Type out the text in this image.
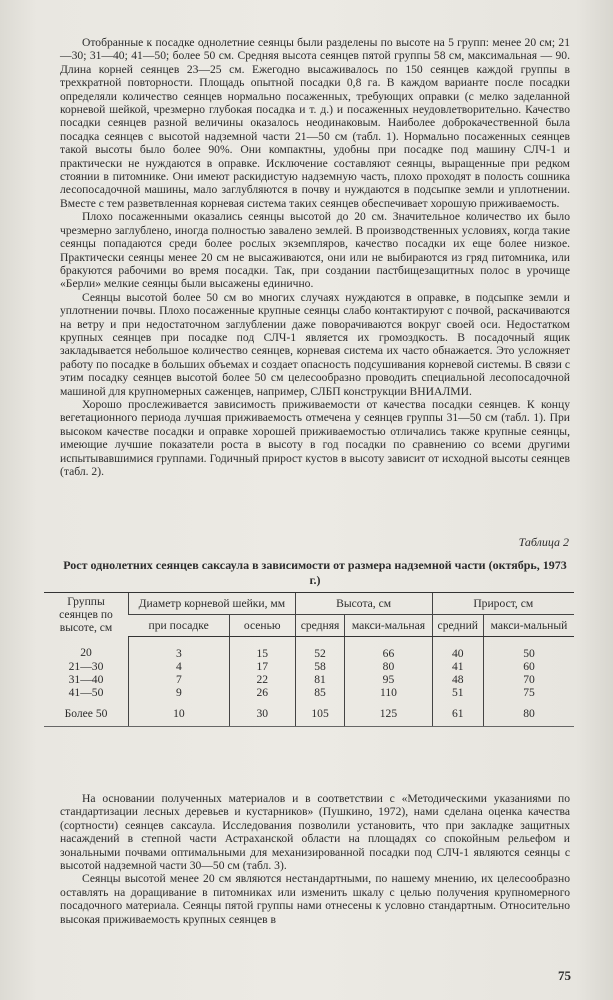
Отобранные к посадке однолетние сеянцы были разделены по высоте на 5 групп: менее 20 см; 21—30; 31—40; 41—50; более 50 см. Средняя высота сеянцев пятой группы 58 см, максимальная — 90. Длина корней сеянцев 23—25 см. Ежегодно высаживалось по 150 сеянцев каждой группы в трехкратной повторности. Площадь опытной посадки 0,8 га. В каждом варианте после посадки определяли количество сеянцев нормально посаженных, требующих оправки (с мелко заделанной корневой шейкой, чрезмерно глубокая посадка и т. д.) и посаженных неудовлетворительно. Качество посадки сеянцев разной величины оказалось неодинаковым. Наиболее доброкачественной была посадка сеянцев с высотой надземной части 21—50 см (табл. 1). Нормально посаженных сеянцев такой высоты было более 90%. Они компактны, удобны при посадке под машину СЛЧ-1 и практически не нуждаются в оправке. Исключение составляют сеянцы, выращенные при редком стоянии в питомнике. Они имеют раскидистую надземную часть, плохо проходят в полость сошника лесопосадочной машины, мало заглубляются в почву и нуждаются в подсыпке земли и уплотнении. Вместе с тем разветвленная корневая система таких сеянцев обеспечивает хорошую приживаемость.

Плохо посаженными оказались сеянцы высотой до 20 см. Значительное количество их было чрезмерно заглублено, иногда полностью завалено землей. В производственных условиях, когда такие сеянцы попадаются среди более рослых экземпляров, качество посадки их еще более низкое. Практически сеянцы менее 20 см не высаживаются, они или не выбираются из гряд питомника, или бракуются рабочими во время посадки. Так, при создании пастбищезащитных полос в урочище «Берли» мелкие сеянцы были высажены единично.

Сеянцы высотой более 50 см во многих случаях нуждаются в оправке, в подсыпке земли и уплотнении почвы. Плохо посаженные крупные сеянцы слабо контактируют с почвой, раскачиваются на ветру и при недостаточном заглублении даже поворачиваются вокруг своей оси. Недостатком крупных сеянцев при посадке под СЛЧ-1 является их громоздкость. В посадочный ящик закладывается небольшое количество сеянцев, корневая система их часто обнажается. Это усложняет работу по посадке в больших объемах и создает опасность подсушивания корневой системы. В связи с этим посадку сеянцев высотой более 50 см целесообразно проводить специальной лесопосадочной машиной для крупномерных саженцев, например, СЛБП конструкции ВНИАЛМИ.

Хорошо прослеживается зависимость приживаемости от качества посадки сеянцев. К концу вегетационного периода лучшая приживаемость отмечена у сеянцев группы 31—50 см (табл. 1). При высоком качестве посадки и оправке хорошей приживаемостью отличались также крупные сеянцы, имеющие лучшие показатели роста в высоту в год посадки по сравнению со всеми другими испытывавшимися группами. Годичный прирост кустов в высоту зависит от исходной высоты сеянцев (табл. 2).

Таблица 2
Рост однолетних сеянцев саксаула в зависимости от размера надземной части (октябрь, 1973 г.)
Группы сеянцев по высоте, см	Диаметр корневой шейки, мм		Высота, см		Прирост, см	
	при посадке	осенью	средняя	макси-мальная	средний	макси-мальный
20	3	15	52	66	40	50
21—30	4	17	58	80	41	60
31—40	7	22	81	95	48	70
41—50	9	26	85	110	51	75
Более 50	10	30	105	125	61	80

На основании полученных материалов и в соответствии с «Методическими указаниями по стандартизации лесных деревьев и кустарников» (Пушкино, 1972), нами сделана оценка качества (сортности) сеянцев саксаула. Исследования позволили установить, что при закладке защитных насаждений в степной части Астраханской области на площадях со спокойным рельефом и зональными почвами оптимальными для механизированной посадки под СЛЧ-1 являются сеянцы с высотой надземной части 30—50 см (табл. 3).

Сеянцы высотой менее 20 см являются нестандартными, по нашему мнению, их целесообразно оставлять на доращивание в питомниках или изменить шкалу с целью получения крупномерного посадочного материала. Сеянцы пятой группы нами отнесены к условно стандартным. Относительно высокая приживаемость крупных сеянцев в

75
